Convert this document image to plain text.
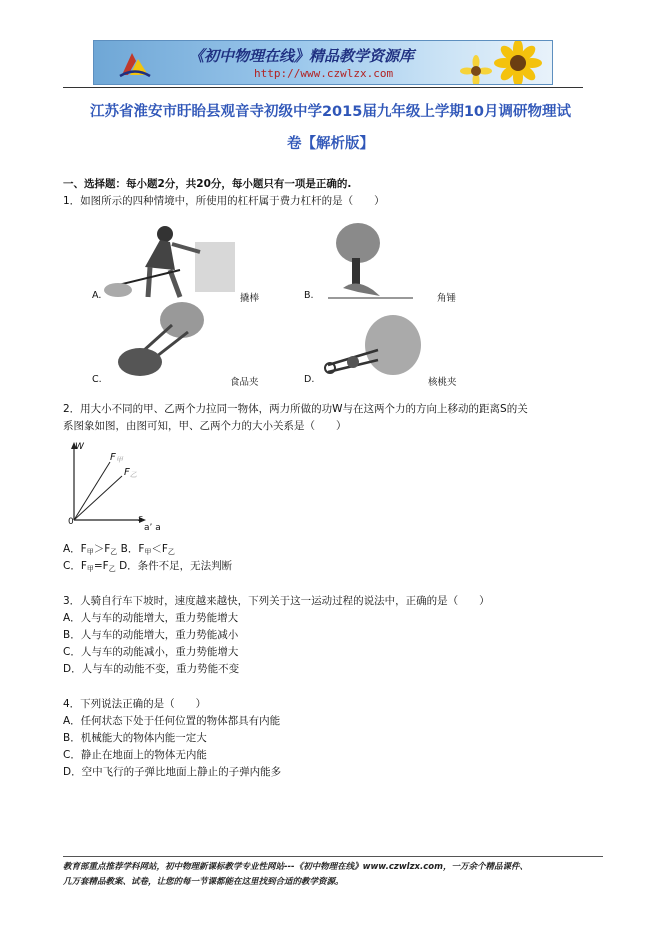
《初中物理在线》精品教学资源库
http://www.czwlzx.com
江苏省淮安市盱眙县观音寺初级中学2015届九年级上学期10月调研物理试
卷【解析版】
一、选择题：每小题2分，共20分，每小题只有一项是正确的.
1．如图所示的四种情境中，所使用的杠杆属于费力杠杆的是（　　）
A.	撬棒	B.	角锤
C.	食品夹	D.	核桃夹
2．用大小不同的甲、乙两个力拉同一物体，两力所做的功W与在这两个力的方向上移动的距离S的关
系图象如图，由图可知，甲、乙两个力的大小关系是（　　）
W
$F_甲$
$F_乙$
0	s
a’ a
A．$F_甲>F_乙$ B．$F_甲<F_乙$
C．$F_甲=F_乙$ D．条件不足，无法判断
3．人骑自行车下坡时，速度越来越快，下列关于这一运动过程的说法中，正确的是（　　）
A．人与车的动能增大，重力势能增大
B．人与车的动能增大，重力势能减小
C．人与车的动能减小，重力势能增大
D．人与车的动能不变，重力势能不变
4．下列说法正确的是（　　）
A．任何状态下处于任何位置的物体都具有内能
B．机械能大的物体内能一定大
C．静止在地面上的物体无内能
D．空中飞行的子弹比地面上静止的子弹内能多
教育部重点推荐学科网站，初中物理新课标教学专业性网站---《初中物理在线》www.czwlzx.com，一万余个精品课件、
几万套精品教案、试卷，让您的每一节课都能在这里找到合适的教学资源。
